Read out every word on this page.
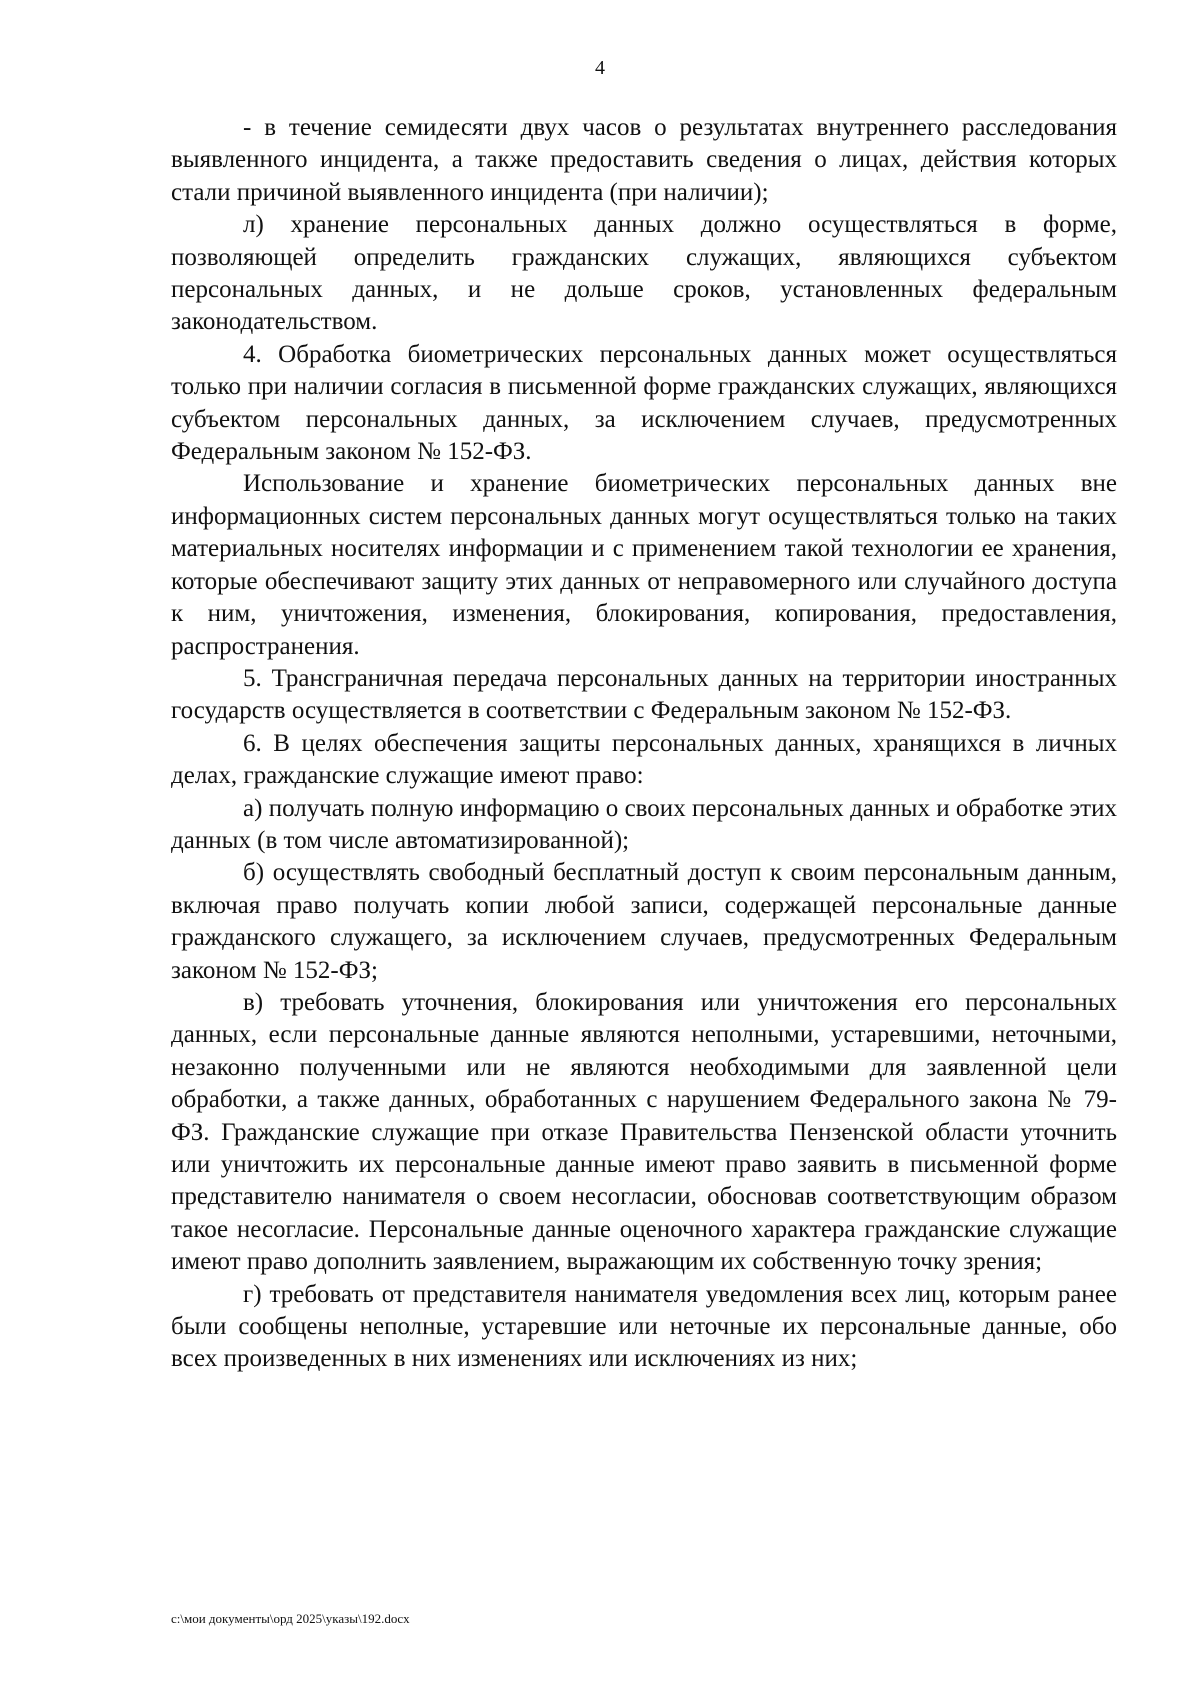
4

- в течение семидесяти двух часов о результатах внутреннего расследования выявленного инцидента, а также предоставить сведения о лицах, действия которых стали причиной выявленного инцидента (при наличии);

л) хранение персональных данных должно осуществляться в форме, позволяющей определить гражданских служащих, являющихся субъектом персональных данных, и не дольше сроков, установленных федеральным законодательством.

4. Обработка биометрических персональных данных может осуществляться только при наличии согласия в письменной форме гражданских служащих, являющихся субъектом персональных данных, за исключением случаев, предусмотренных Федеральным законом № 152-ФЗ.

Использование и хранение биометрических персональных данных вне информационных систем персональных данных могут осуществляться только на таких материальных носителях информации и с применением такой технологии ее хранения, которые обеспечивают защиту этих данных от неправомерного или случайного доступа к ним, уничтожения, изменения, блокирования, копирования, предоставления, распространения.

5. Трансграничная передача персональных данных на территории иностранных государств осуществляется в соответствии с Федеральным законом № 152-ФЗ.

6. В целях обеспечения защиты персональных данных, хранящихся в личных делах, гражданские служащие имеют право:

а) получать полную информацию о своих персональных данных и обработке этих данных (в том числе автоматизированной);

б) осуществлять свободный бесплатный доступ к своим персональным данным, включая право получать копии любой записи, содержащей персональные данные гражданского служащего, за исключением случаев, предусмотренных Федеральным законом № 152-ФЗ;

в) требовать уточнения, блокирования или уничтожения его персональных данных, если персональные данные являются неполными, устаревшими, неточными, незаконно полученными или не являются необходимыми для заявленной цели обработки, а также данных, обработанных с нарушением Федерального закона № 79-ФЗ. Гражданские служащие при отказе Правительства Пензенской области уточнить или уничтожить их персональные данные имеют право заявить в письменной форме представителю нанимателя о своем несогласии, обосновав соответствующим образом такое несогласие. Персональные данные оценочного характера гражданские служащие имеют право дополнить заявлением, выражающим их собственную точку зрения;

г) требовать от представителя нанимателя уведомления всех лиц, которым ранее были сообщены неполные, устаревшие или неточные их персональные данные, обо всех произведенных в них изменениях или исключениях из них;

c:\мои документы\орд 2025\указы\192.docx
